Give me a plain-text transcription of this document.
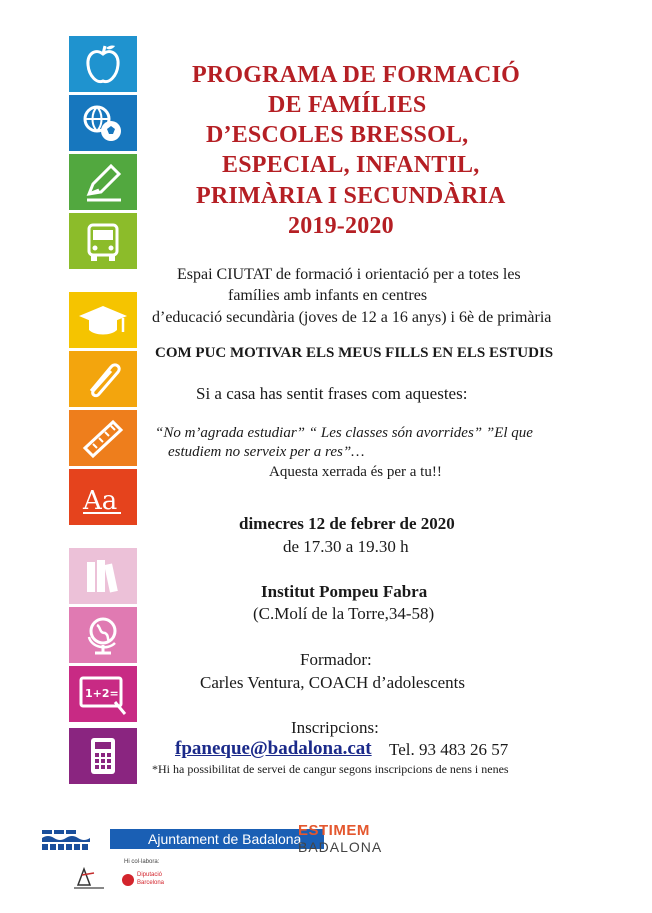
Aa
1+2=
PROGRAMA DE FORMACIÓ
DE FAMÍLIES
D’ESCOLES BRESSOL,
ESPECIAL, INFANTIL,
PRIMÀRIA I SECUNDÀRIA
2019-2020
Espai CIUTAT de formació i orientació per a totes les
famílies amb infants en centres
d’educació secundària (joves de 12 a 16 anys) i 6è de primària
COM PUC MOTIVAR ELS MEUS FILLS EN ELS ESTUDIS
Si a casa has sentit frases com aquestes:
“No m’agrada estudiar” “ Les classes són avorrides” ”El que
estudiem no serveix per a res”…
Aquesta xerrada és per a tu!!
dimecres 12 de febrer de 2020
de 17.30 a 19.30 h
Institut Pompeu Fabra
(C.Molí de la Torre,34-58)
Formador:
Carles Ventura, COACH d’adolescents
Inscripcions:
fpaneque@badalona.cat Tel. 93 483 26 57
*Hi ha possibilitat de servei de cangur segons inscripcions de nens i nenes
Ajuntament de Badalona
ESTIMEM
BADALONA
Hi col·labora:
Diputació
Barcelona
